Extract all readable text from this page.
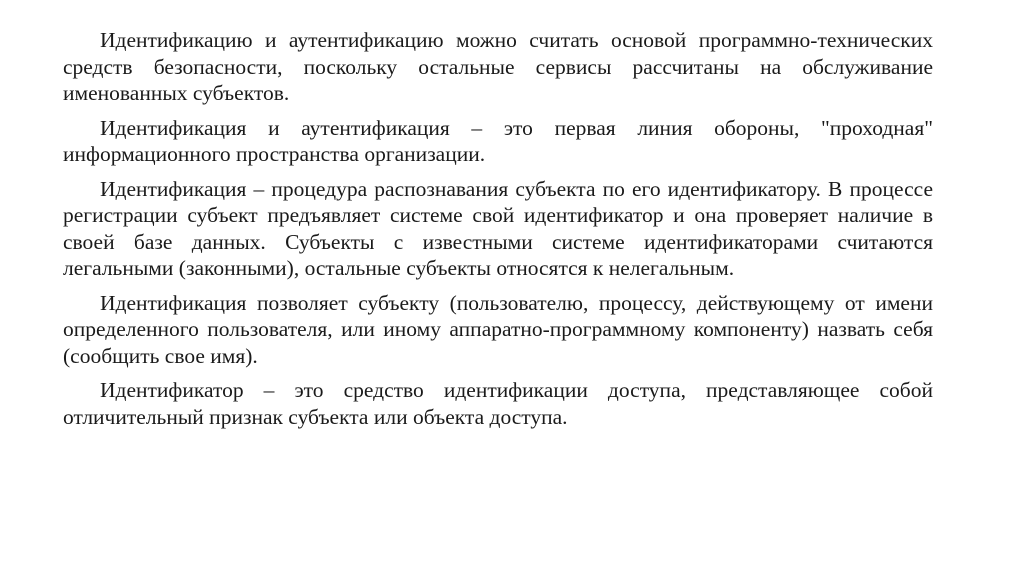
Идентификацию и аутентификацию можно считать основой программно-технических средств безопасности, поскольку остальные сервисы рассчитаны на обслуживание именованных субъектов.

Идентификация и аутентификация – это первая линия обороны, "проходная" информационного пространства организации.

Идентификация – процедура распознавания субъекта по его идентификатору. В процессе регистрации субъект предъявляет системе свой идентификатор и она проверяет наличие в своей базе данных. Субъекты с известными системе идентификаторами считаются легальными (законными), остальные субъекты относятся к нелегальным.

Идентификация позволяет субъекту (пользователю, процессу, действующему от имени определенного пользователя, или иному аппаратно-программному компоненту) назвать себя (сообщить свое имя).

Идентификатор – это средство идентификации доступа, представляющее собой отличительный признак субъекта или объекта доступа.
